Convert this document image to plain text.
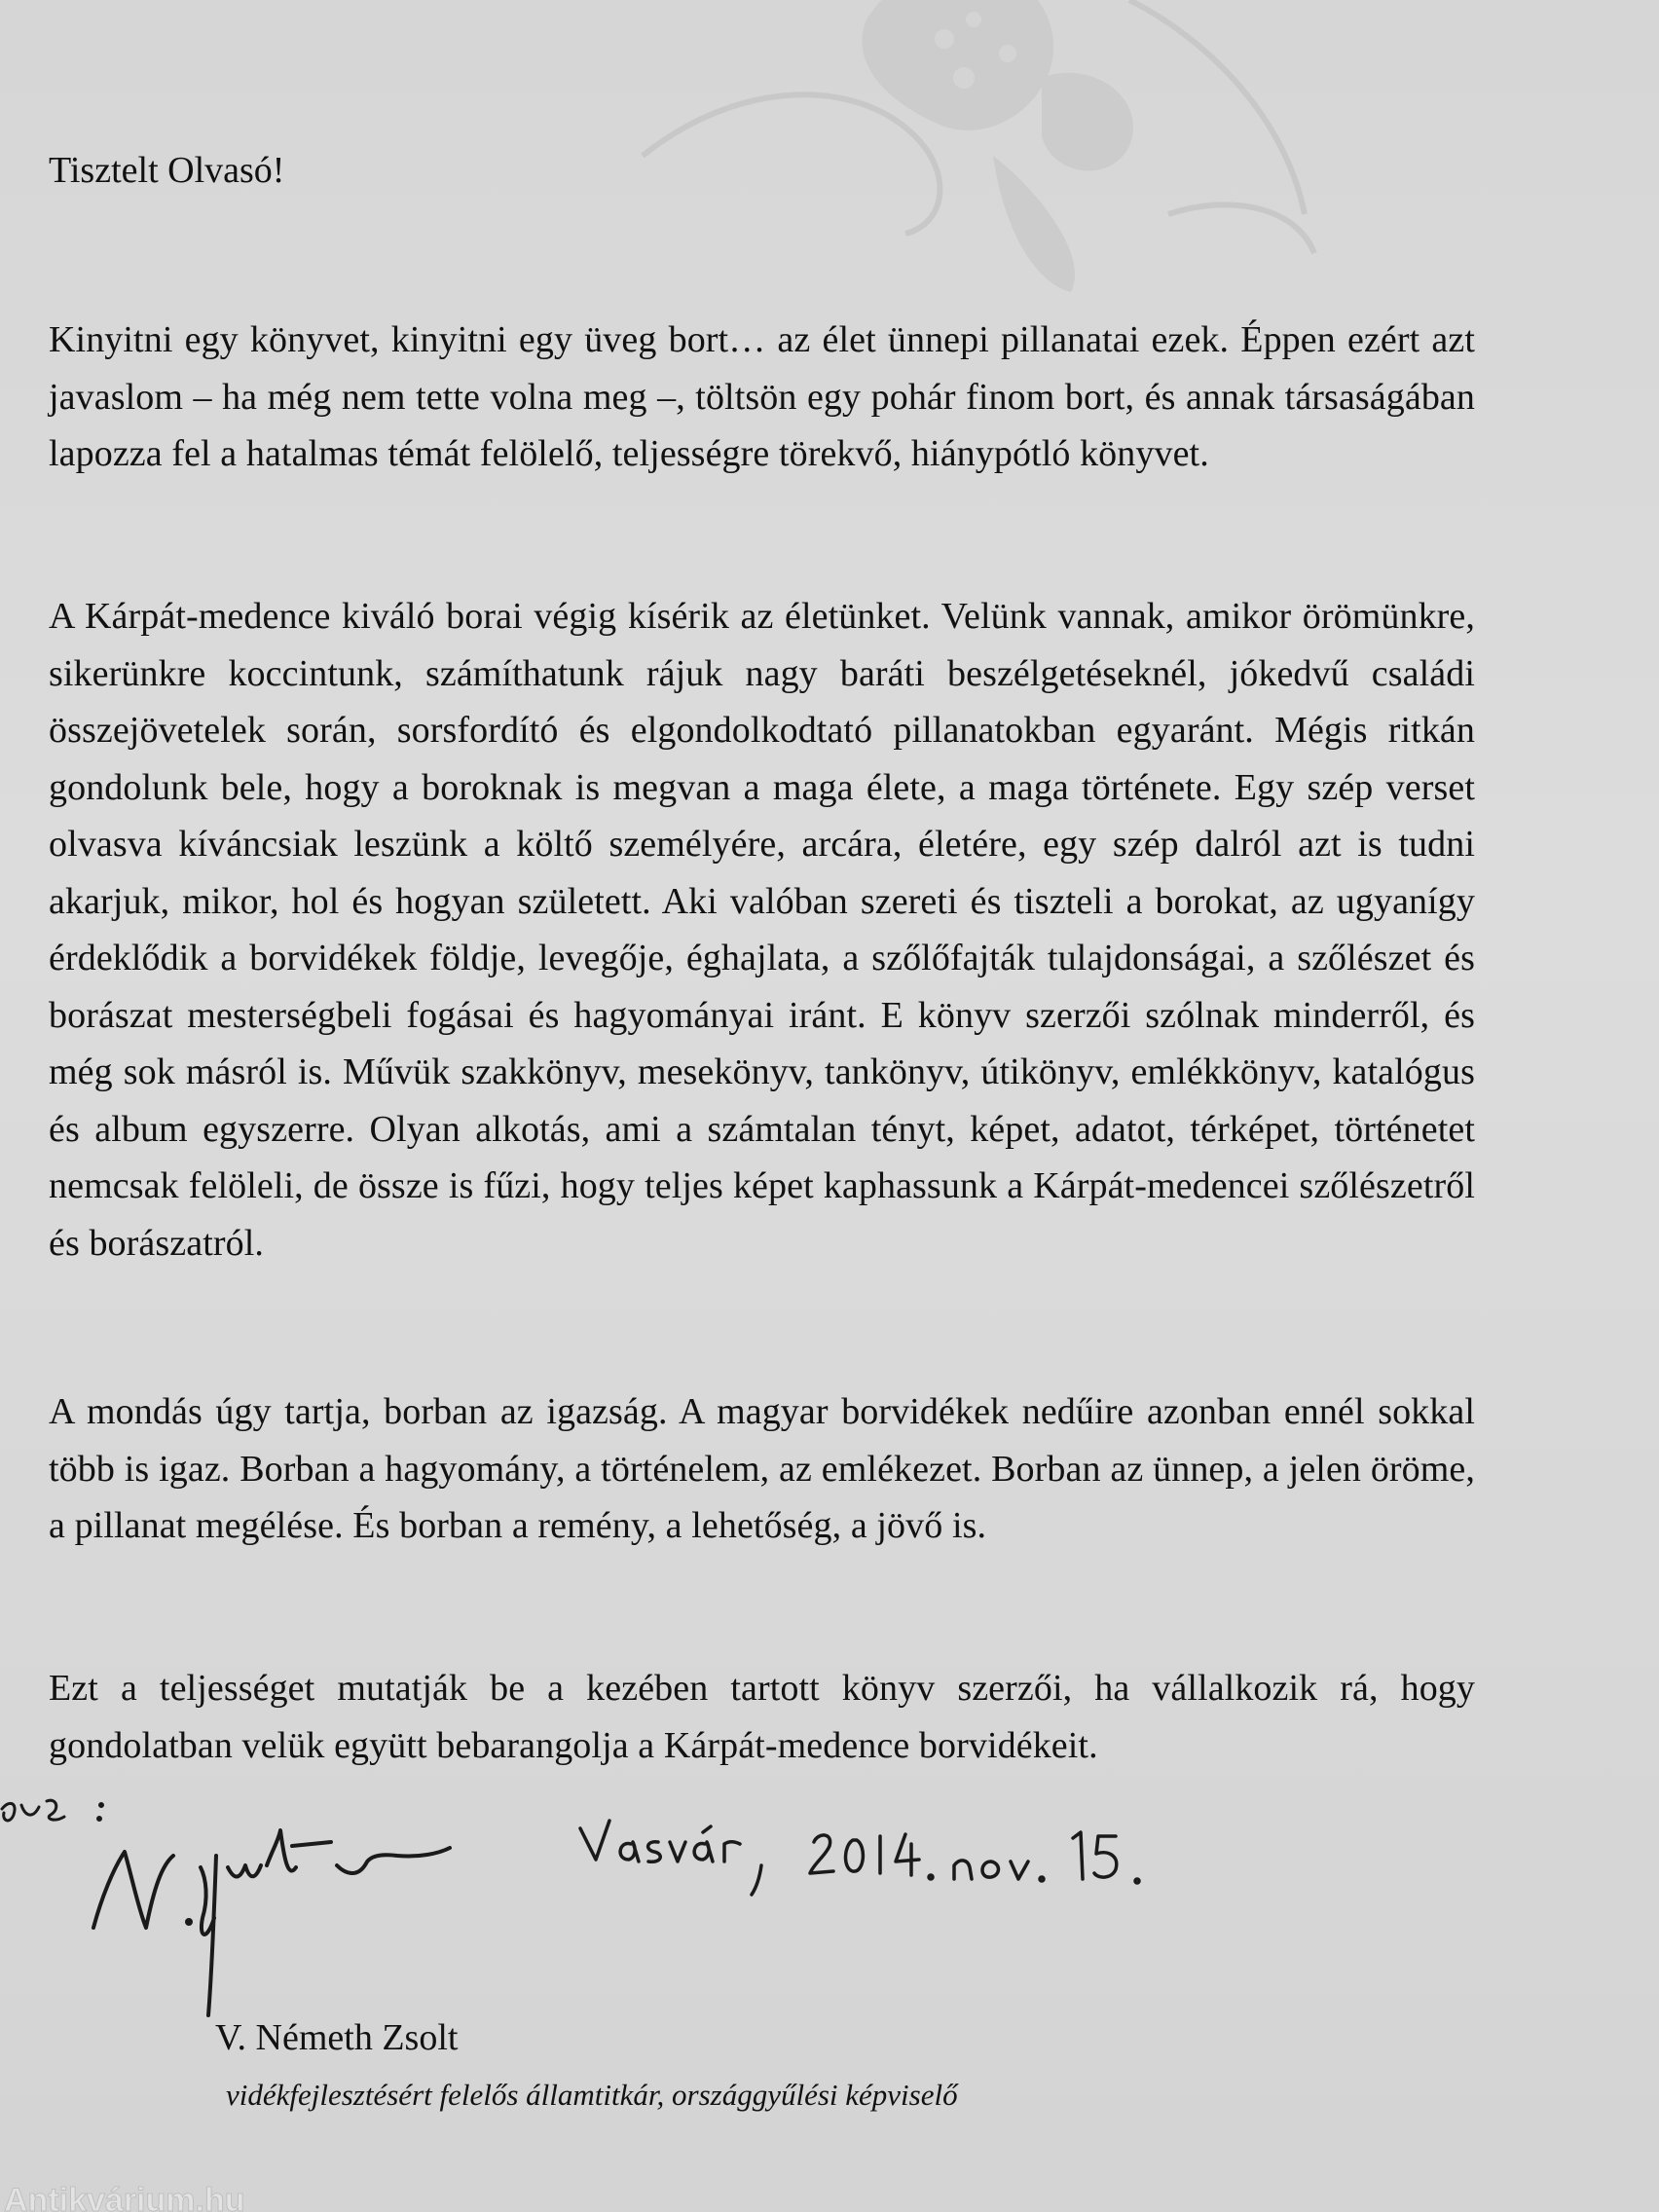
Tisztelt Olvasó!

Kinyitni egy könyvet, kinyitni egy üveg bort… az élet ünnepi pillanatai ezek. Éppen ezért azt javaslom – ha még nem tette volna meg –, töltsön egy pohár finom bort, és annak társaságában lapozza fel a hatalmas témát felölelő, teljességre törekvő, hiánypótló könyvet.

A Kárpát-medence kiváló borai végig kísérik az életünket. Velünk vannak, amikor örömünkre, sikerünkre koccintunk, számíthatunk rájuk nagy baráti beszélgetéseknél, jókedvű családi összejövetelek során, sorsfordító és elgondolkodtató pillanatokban egyaránt. Mégis ritkán gondolunk bele, hogy a boroknak is megvan a maga élete, a maga története. Egy szép verset olvasva kíváncsiak leszünk a költő személyére, arcára, életére, egy szép dalról azt is tudni akarjuk, mikor, hol és hogyan született. Aki valóban szereti és tiszteli a borokat, az ugyanígy érdeklődik a borvidékek földje, levegője, éghajlata, a szőlőfajták tulajdonságai, a szőlészet és borászat mesterségbeli fogásai és hagyományai iránt. E könyv szerzői szólnak minderről, és még sok másról is. Művük szakkönyv, mesekönyv, tankönyv, útikönyv, emlékkönyv, katalógus és album egyszerre. Olyan alkotás, ami a számtalan tényt, képet, adatot, térképet, történetet nemcsak felöleli, de össze is fűzi, hogy teljes képet kaphassunk a Kárpát-medencei szőlészetről és borászatról.

A mondás úgy tartja, borban az igazság. A magyar borvidékek nedűire azonban ennél sokkal több is igaz. Borban a hagyomány, a történelem, az emlékezet. Borban az ünnep, a jelen öröme, a pillanat megélése. És borban a remény, a lehetőség, a jövő is.

Ezt a teljességet mutatják be a kezében tartott könyv szerzői, ha vállalkozik rá, hogy gondolatban velük együtt bebarangolja a Kárpát-medence borvidékeit.

V. Németh Zsolt
vidékfejlesztésért felelős államtitkár, országgyűlési képviselő
Antikvárium.hu
